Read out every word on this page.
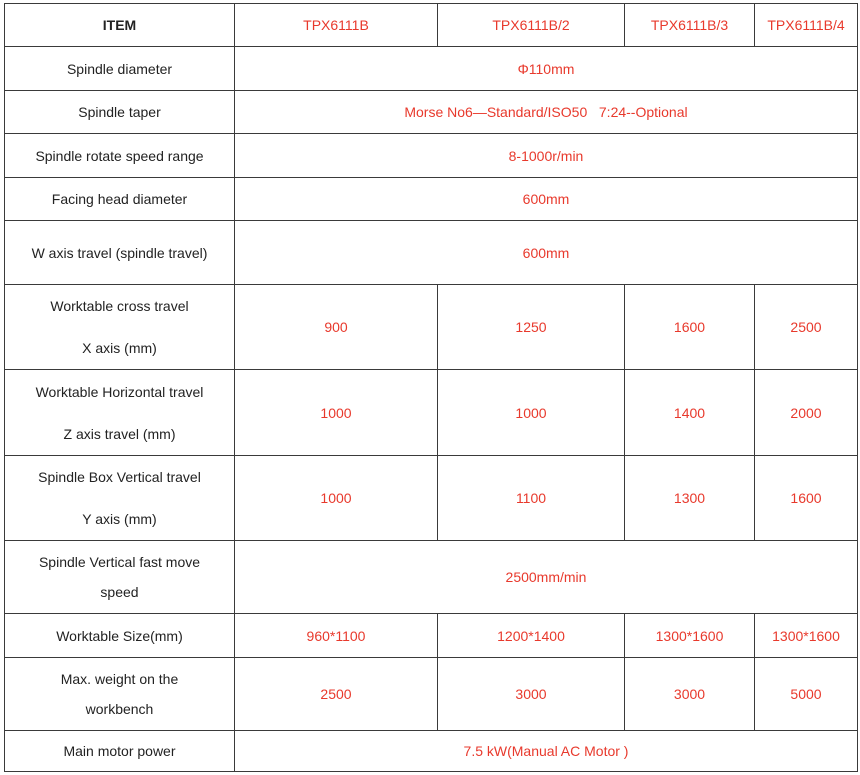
ITEM	TPX6111B	TPX6111B/2	TPX6111B/3	TPX6111B/4
Spindle diameter	Φ110mm			
Spindle taper	Morse No6—Standard/ISO50   7:24--Optional			
Spindle rotate speed range	8-1000r/min			
Facing head diameter	600mm			
W axis travel (spindle travel)	600mm			

Worktable cross travel
X axis (mm)	900	1250	1600	2500

Worktable Horizontal travel
Z axis travel (mm)	1000	1000	1400	2000

Spindle Box Vertical travel
Y axis (mm)	1000	1100	1300	1600

Spindle Vertical fast move
speed	2500mm/min			
Worktable Size(mm)	960*1100	1200*1400	1300*1600	1300*1600

Max. weight on the
workbench	2500	3000	3000	5000
Main motor power	7.5 kW(Manual AC Motor )			
